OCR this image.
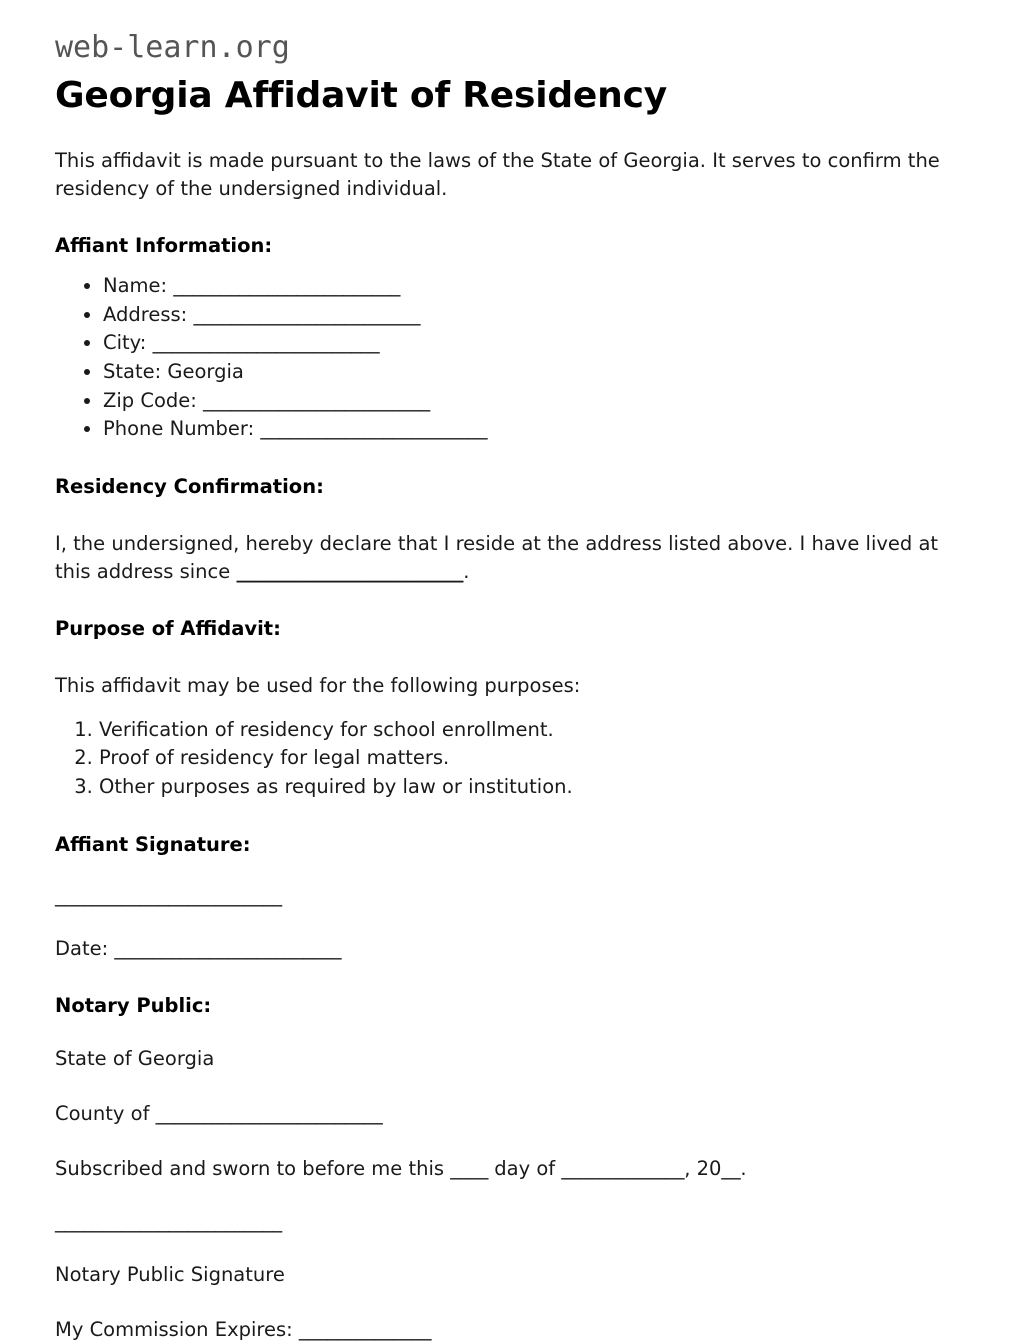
web-learn.org
Georgia Affidavit of Residency

This affidavit is made pursuant to the laws of the State of Georgia. It serves to confirm the residency of the undersigned individual.

Affiant Information:
• Name: ________________________
• Address: ________________________
• City: ________________________
• State: Georgia
• Zip Code: ________________________
• Phone Number: ________________________
Residency Confirmation:

I, the undersigned, hereby declare that I reside at the address listed above. I have lived at this address since ________________________.

Purpose of Affidavit:

This affidavit may be used for the following purposes:

1. Verification of residency for school enrollment.
2. Proof of residency for legal matters.
3. Other purposes as required by law or institution.
Affiant Signature:
________________________

Date: ________________________

Notary Public:

State of Georgia

County of ________________________

Subscribed and sworn to before me this ____ day of _____________, 20__.

________________________

Notary Public Signature

My Commission Expires: ______________
